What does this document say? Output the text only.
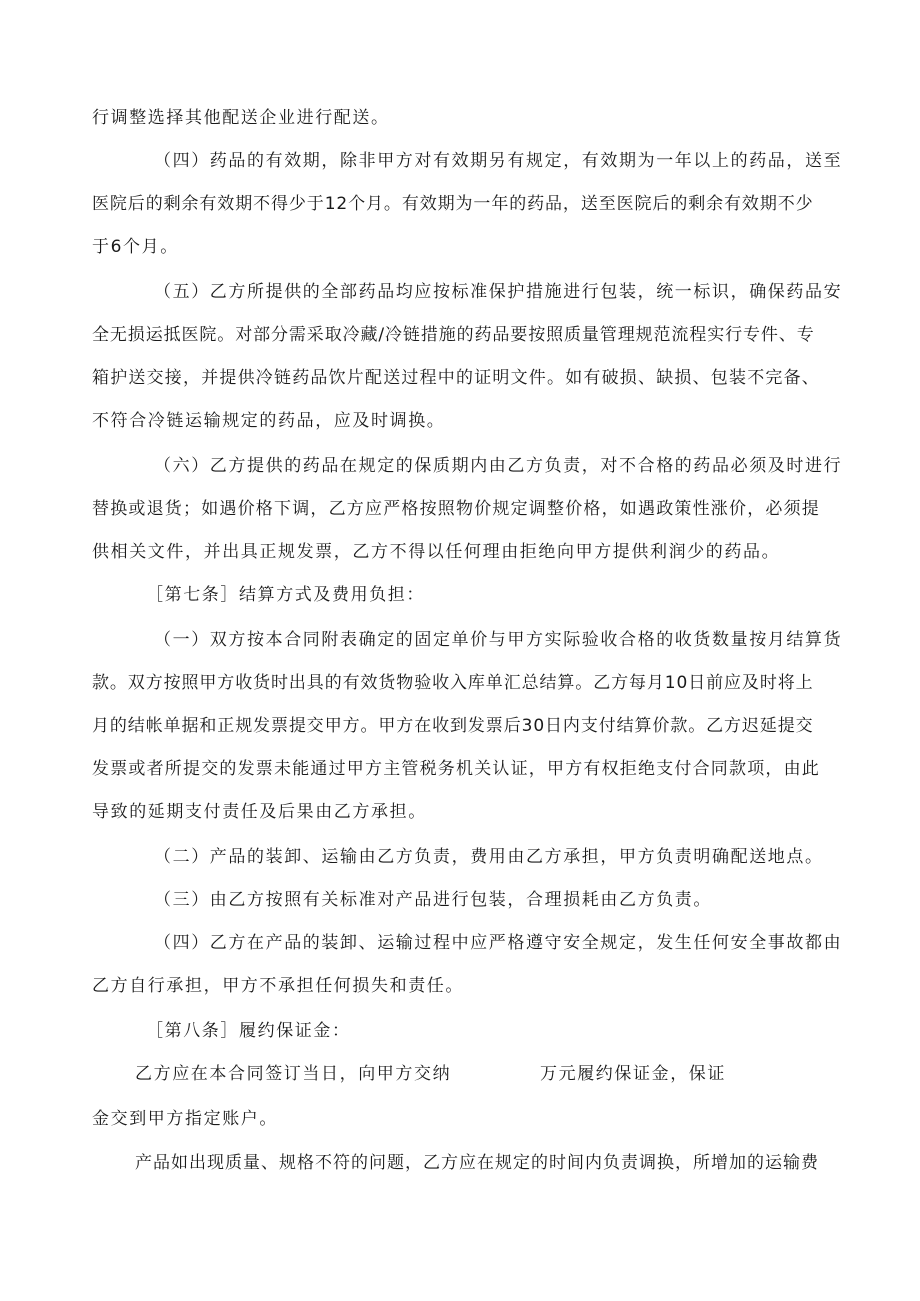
行调整选择其他配送企业进行配送。
（四）药品的有效期，除非甲方对有效期另有规定，有效期为一年以上的药品，送至
医院后的剩余有效期不得少于12个月。有效期为一年的药品，送至医院后的剩余有效期不少
于6个月。
（五）乙方所提供的全部药品均应按标准保护措施进行包装，统一标识，确保药品安
全无损运抵医院。对部分需采取冷藏/冷链措施的药品要按照质量管理规范流程实行专件、专
箱护送交接，并提供冷链药品饮片配送过程中的证明文件。如有破损、缺损、包装不完备、
不符合冷链运输规定的药品，应及时调换。
（六）乙方提供的药品在规定的保质期内由乙方负责，对不合格的药品必须及时进行
替换或退货；如遇价格下调，乙方应严格按照物价规定调整价格，如遇政策性涨价，必须提
供相关文件，并出具正规发票，乙方不得以任何理由拒绝向甲方提供利润少的药品。
［第七条］结算方式及费用负担：
（一）双方按本合同附表确定的固定单价与甲方实际验收合格的收货数量按月结算货
款。双方按照甲方收货时出具的有效货物验收入库单汇总结算。乙方每月10日前应及时将上
月的结帐单据和正规发票提交甲方。甲方在收到发票后30日内支付结算价款。乙方迟延提交
发票或者所提交的发票未能通过甲方主管税务机关认证，甲方有权拒绝支付合同款项，由此
导致的延期支付责任及后果由乙方承担。
（二）产品的装卸、运输由乙方负责，费用由乙方承担，甲方负责明确配送地点。
（三）由乙方按照有关标准对产品进行包装，合理损耗由乙方负责。
（四）乙方在产品的装卸、运输过程中应严格遵守安全规定，发生任何安全事故都由
乙方自行承担，甲方不承担任何损失和责任。
［第八条］履约保证金：
乙方应在本合同签订当日，向甲方交纳	万元履约保证金，保证
金交到甲方指定账户。
产品如出现质量、规格不符的问题，乙方应在规定的时间内负责调换，所增加的运输费
